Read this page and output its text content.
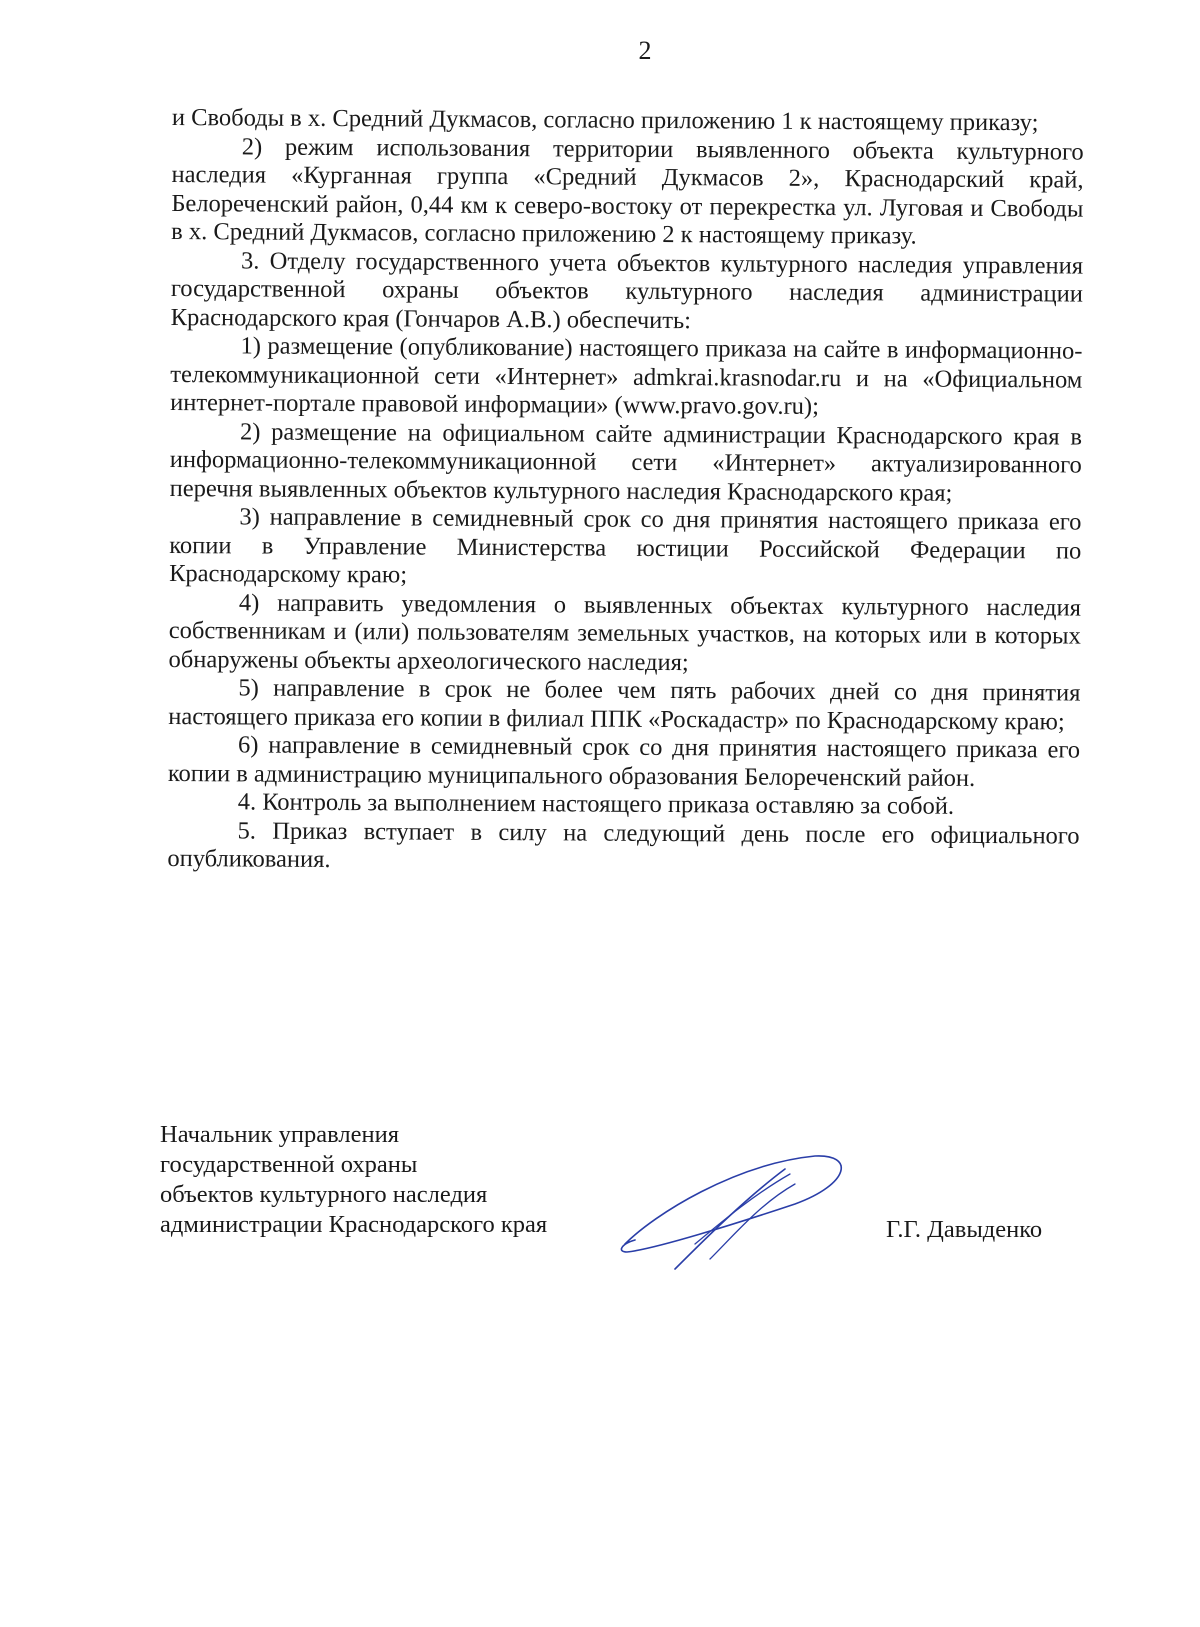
2

и Свободы в х. Средний Дукмасов, согласно приложению 1 к настоящему приказу;

2) режим использования территории выявленного объекта культурного наследия «Курганная группа «Средний Дукмасов 2», Краснодарский край, Белореченский район, 0,44 км к северо-востоку от перекрестка ул. Луговая и Свободы в х. Средний Дукмасов, согласно приложению 2 к настоящему приказу.

3. Отделу государственного учета объектов культурного наследия управления государственной охраны объектов культурного наследия администрации Краснодарского края (Гончаров А.В.) обеспечить:

1) размещение (опубликование) настоящего приказа на сайте в информационно-телекоммуникационной сети «Интернет» admkrai.krasnodar.ru и на «Официальном интернет-портале правовой информации» (www.pravo.gov.ru);

2) размещение на официальном сайте администрации Краснодарского края в информационно-телекоммуникационной сети «Интернет» актуализированного перечня выявленных объектов культурного наследия Краснодарского края;

3) направление в семидневный срок со дня принятия настоящего приказа его копии в Управление Министерства юстиции Российской Федерации по Краснодарскому краю;

4) направить уведомления о выявленных объектах культурного наследия собственникам и (или) пользователям земельных участков, на которых или в которых обнаружены объекты археологического наследия;

5) направление в срок не более чем пять рабочих дней со дня принятия настоящего приказа его копии в филиал ППК «Роскадастр» по Краснодарскому краю;

6) направление в семидневный срок со дня принятия настоящего приказа его копии в администрацию муниципального образования Белореченский район.

4. Контроль за выполнением настоящего приказа оставляю за собой.

5. Приказ вступает в силу на следующий день после его официального опубликования.

Начальник управления
государственной охраны
объектов культурного наследия
администрации Краснодарского края	Г.Г. Давыденко
